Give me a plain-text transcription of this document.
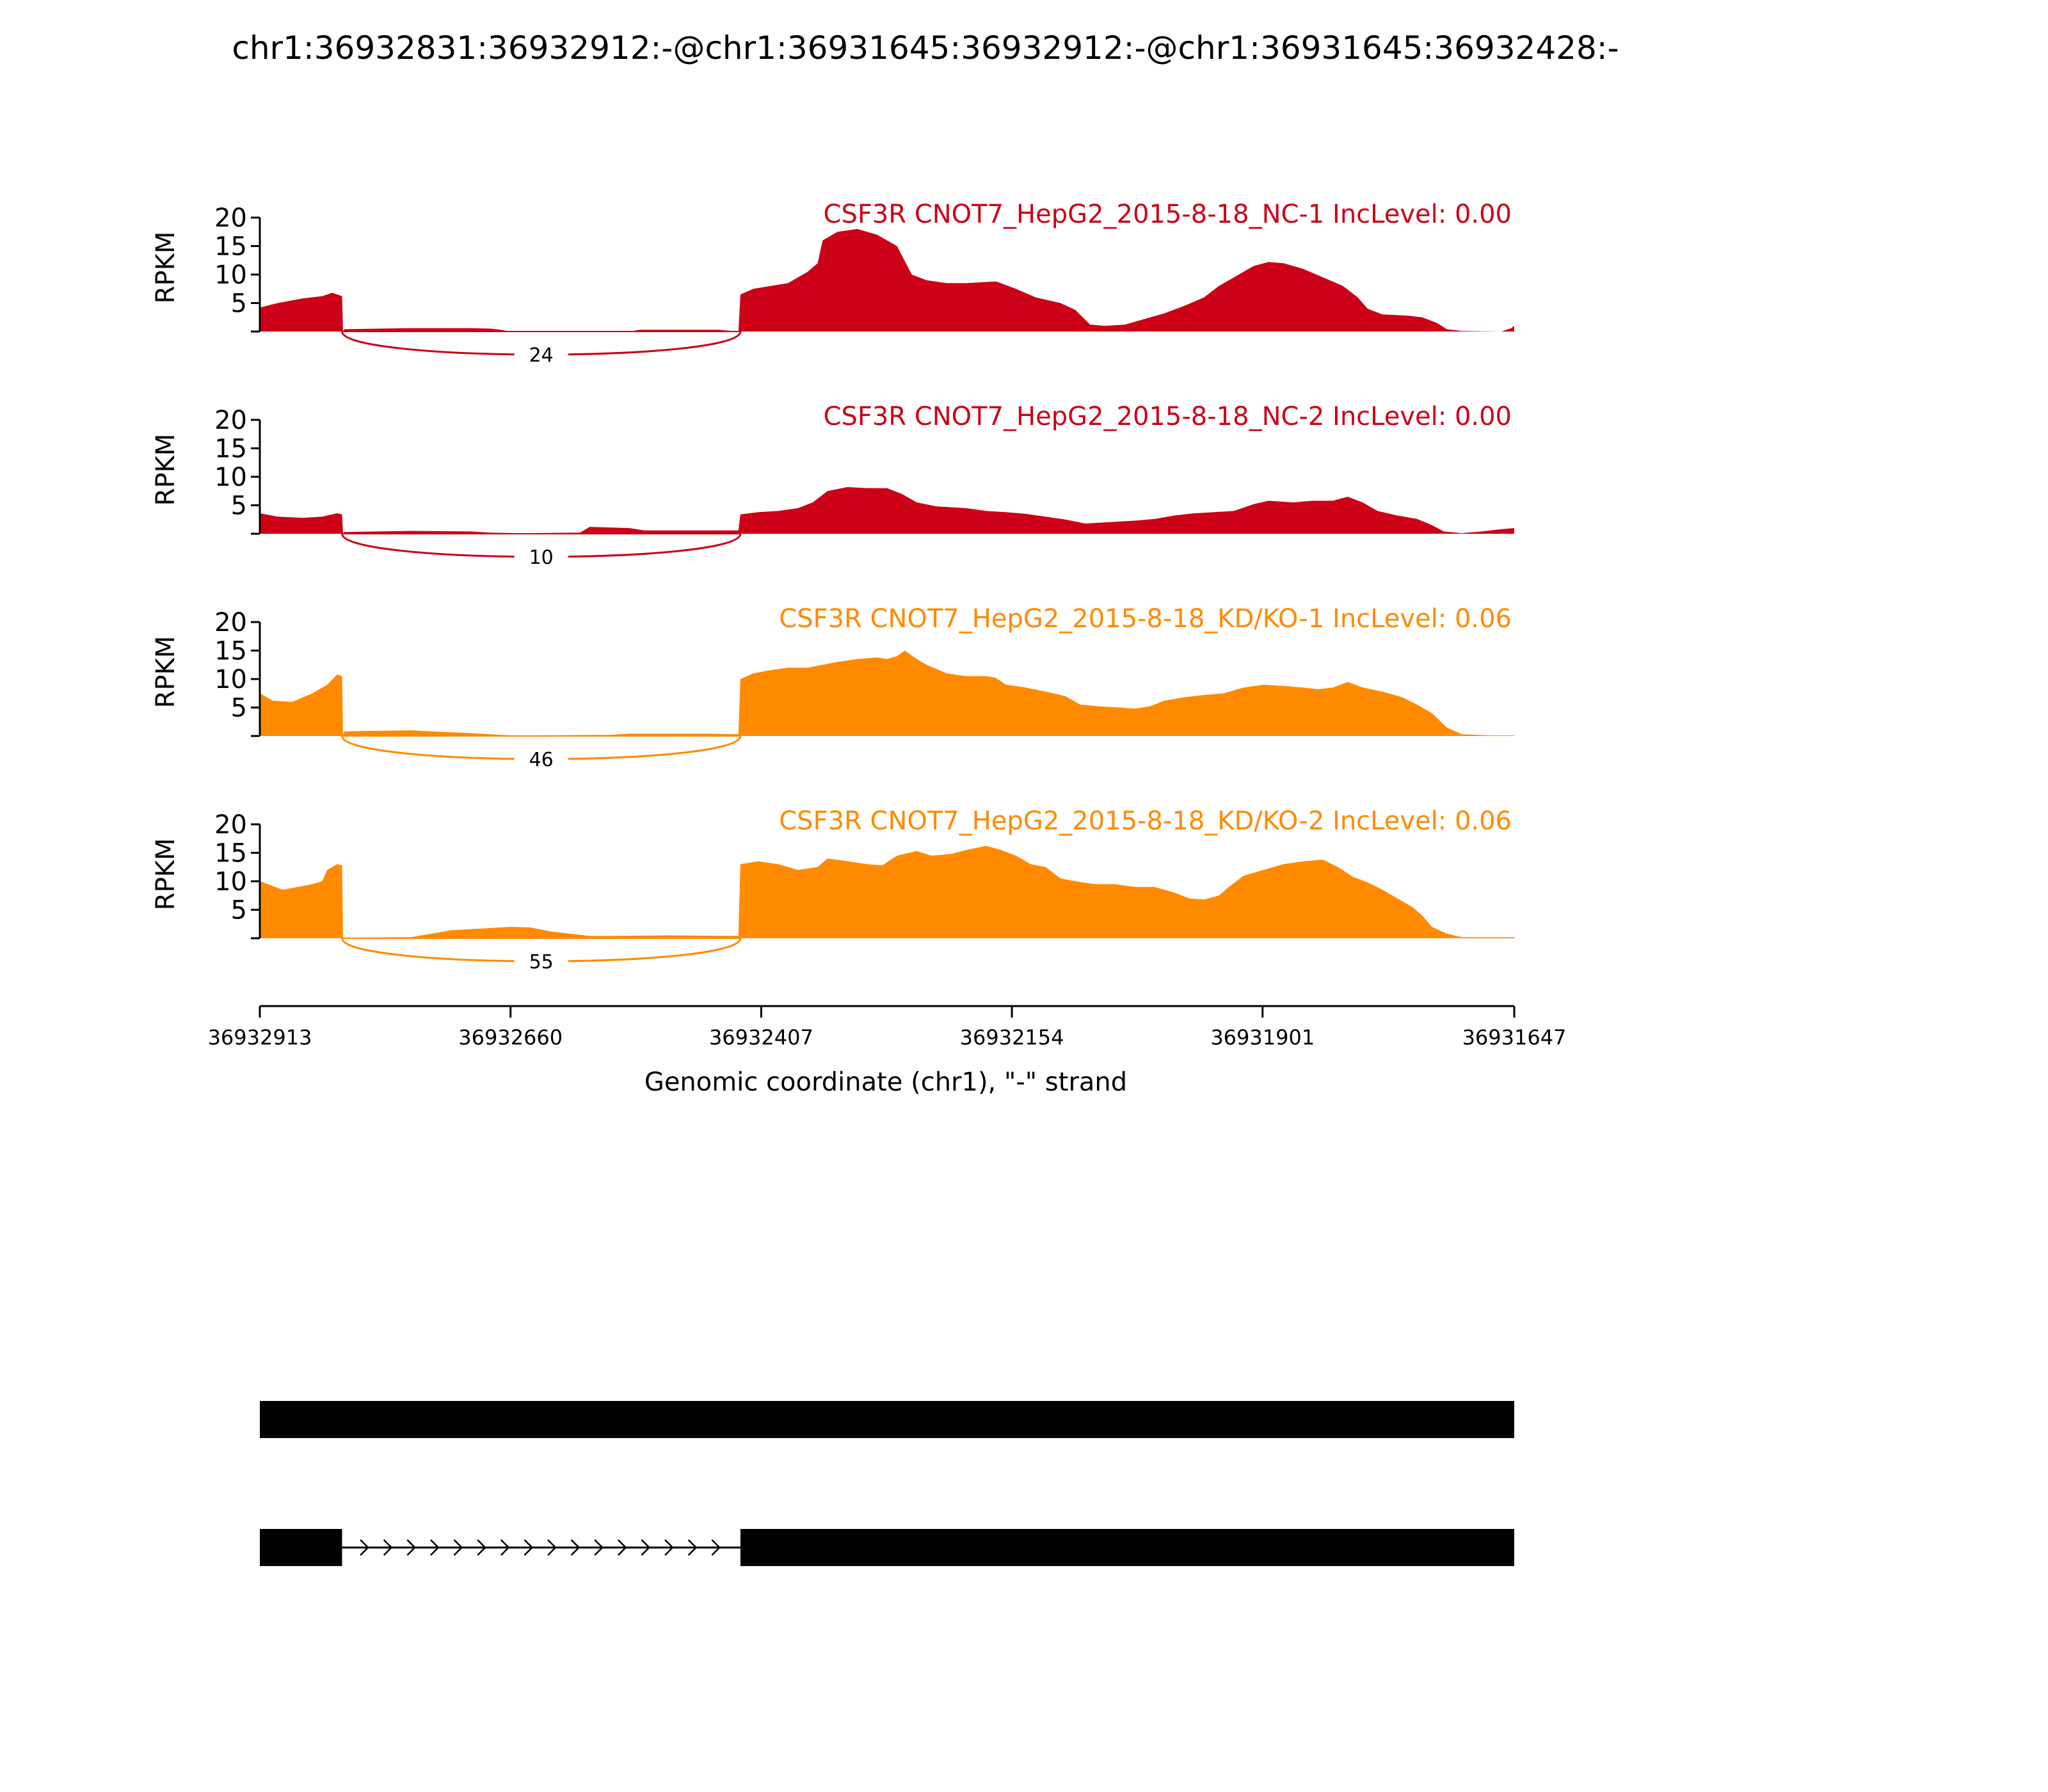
chr1:36932831:36932912:-@chr1:36931645:36932912:-@chr1:36931645:36932428:-
CSF3R CNOT7_HepG2_2015-8-18_NC-1 IncLevel: 0.00
RPKM
CSF3R CNOT7_HepG2_2015-8-18_NC-2 IncLevel: 0.00
RPKM
CSF3R CNOT7_HepG2_2015-8-18_KD/KO-1 IncLevel: 0.06
RPKM
CSF3R CNOT7_HepG2_2015-8-18_KD/KO-2 IncLevel: 0.06
RPKM
Genomic coordinate (chr1), "-" strand
20
15
10
5
24
20
15
10
5
10
20
15
10
5
46
20
15
10
5
55
36932913	36932660	36932407	36932154	36931901	36931647
